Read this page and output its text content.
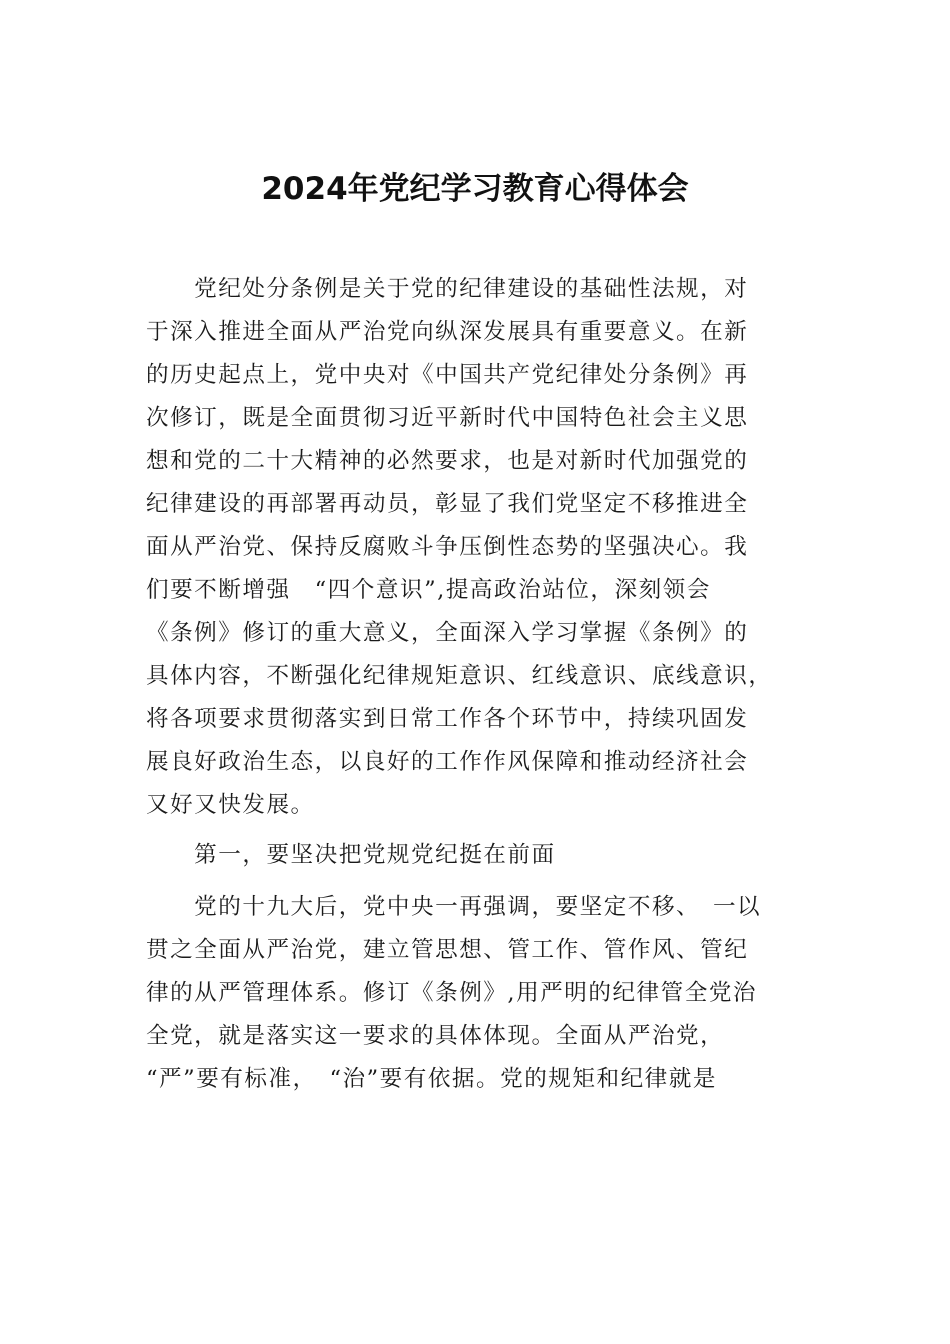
2024年党纪学习教育心得体会
　　党纪处分条例是关于党的纪律建设的基础性法规，对
于深入推进全面从严治党向纵深发展具有重要意义。在新
的历史起点上，党中央对《中国共产党纪律处分条例》再
次修订，既是全面贯彻习近平新时代中国特色社会主义思
想和党的二十大精神的必然要求，也是对新时代加强党的
纪律建设的再部署再动员，彰显了我们党坚定不移推进全
面从严治党、保持反腐败斗争压倒性态势的坚强决心。我
们要不断增强　“四个意识”,提高政治站位，深刻领会
《条例》修订的重大意义，全面深入学习掌握《条例》的
具体内容，不断强化纪律规矩意识、红线意识、底线意识，
将各项要求贯彻落实到日常工作各个环节中，持续巩固发
展良好政治生态，以良好的工作作风保障和推动经济社会
又好又快发展。
　　第一，要坚决把党规党纪挺在前面
　　党的十九大后，党中央一再强调，要坚定不移、　一以
贯之全面从严治党，建立管思想、管工作、管作风、管纪
律的从严管理体系。修订《条例》,用严明的纪律管全党治
全党，就是落实这一要求的具体体现。全面从严治党，
“严”要有标准，　“治”要有依据。党的规矩和纪律就是
